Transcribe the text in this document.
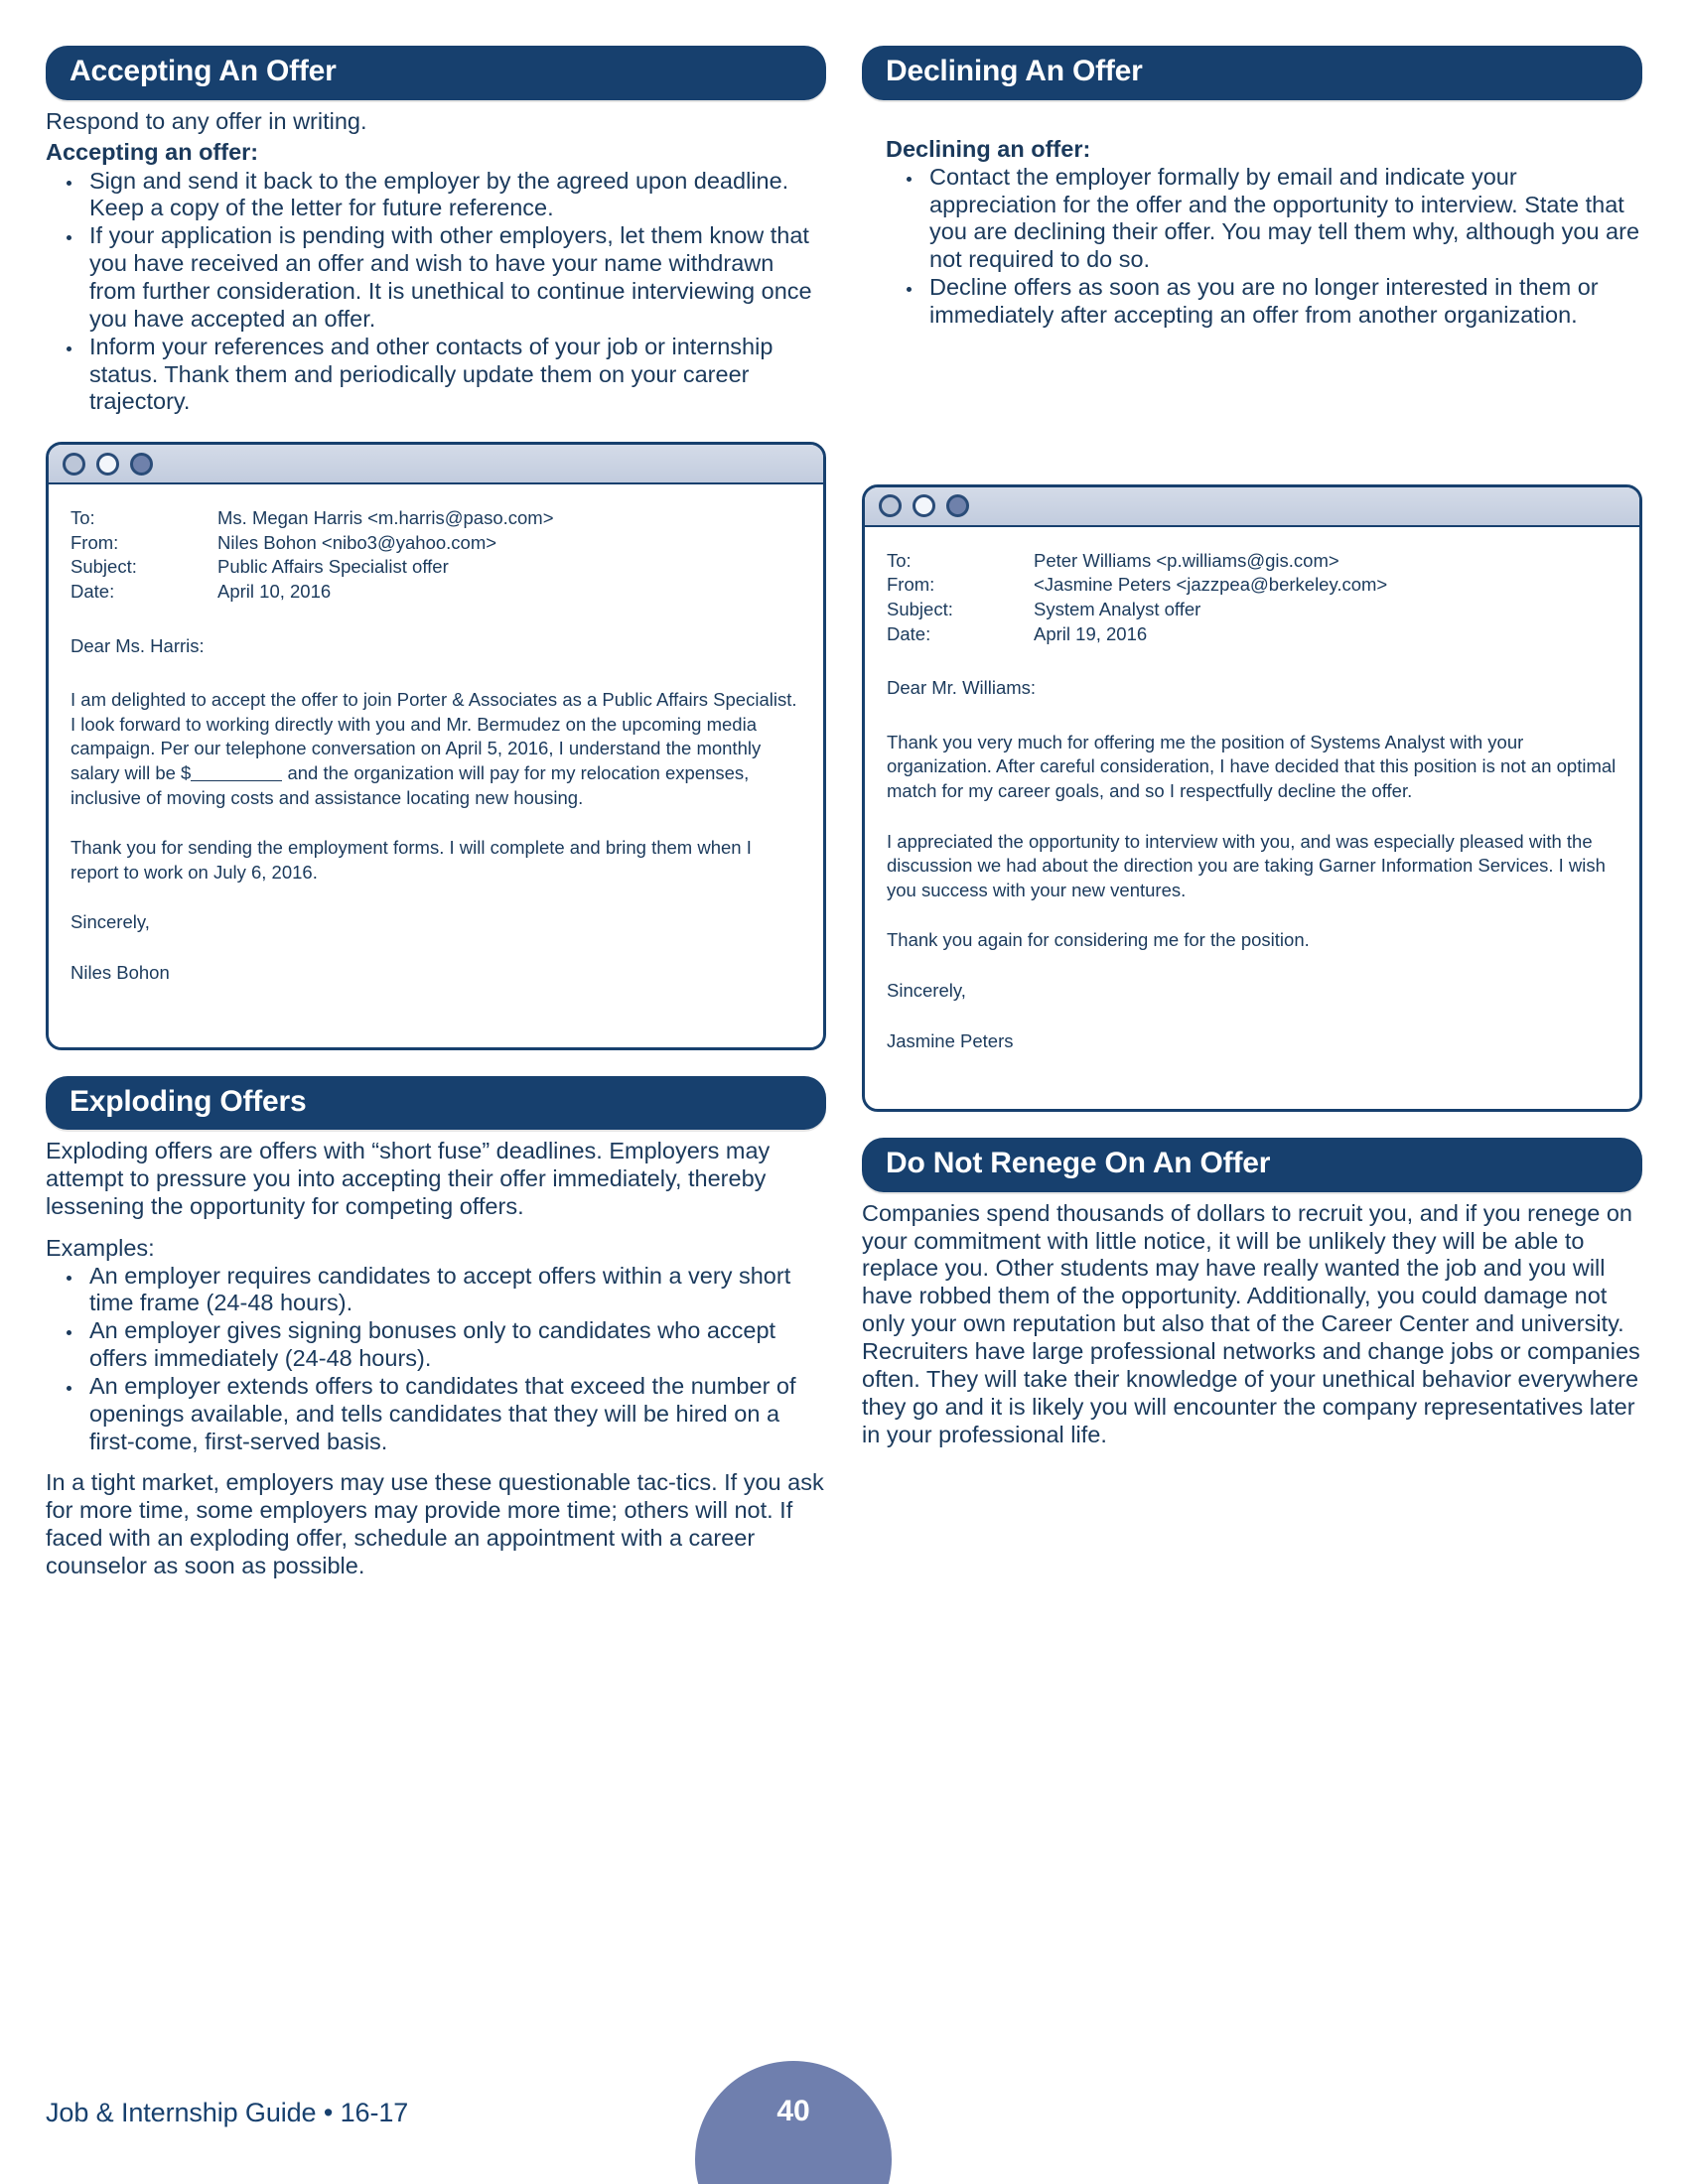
Accepting An Offer

Respond to any offer in writing.

Accepting an offer:

• Sign and send it back to the employer by the agreed upon deadline. Keep a copy of the letter for future reference.
• If your application is pending with other employers, let them know that you have received an offer and wish to have your name withdrawn from further consideration. It is unethical to continue interviewing once you have accepted an offer.
• Inform your references and other contacts of your job or internship status. Thank them and periodically update them on your career trajectory.
To:	Ms. Megan Harris <m.harris@paso.com>
From:	Niles Bohon <nibo3@yahoo.com>
Subject:	Public Affairs Specialist offer
Date:	April 10, 2016

Dear Ms. Harris:

I am delighted to accept the offer to join Porter & Associates as a Public Affairs Specialist. I look forward to working directly with you and Mr. Bermudez on the upcoming media campaign. Per our telephone conversation on April 5, 2016, I understand the monthly salary will be $	and the organization will pay for my relocation expenses, inclusive of moving costs and assistance locating new housing.

Thank you for sending the employment forms. I will complete and bring them when I report to work on July 6, 2016.

Sincerely,

Niles Bohon

Exploding Offers

Exploding offers are offers with “short fuse” deadlines. Employers may attempt to pressure you into accepting their offer immediately, thereby lessening the opportunity for competing offers.

Examples:

• An employer requires candidates to accept offers within a very short time frame (24-48 hours).
• An employer gives signing bonuses only to candidates who accept offers immediately (24-48 hours).
• An employer extends offers to candidates that exceed the number of openings available, and tells candidates that they will be hired on a first-come, first-served basis.

In a tight market, employers may use these questionable tac-tics. If you ask for more time, some employers may provide more time; others will not. If faced with an exploding offer, schedule an appointment with a career counselor as soon as possible.

Declining An Offer

Declining an offer:

• Contact the employer formally by email and indicate your appreciation for the offer and the opportunity to interview. State that you are declining their offer. You may tell them why, although you are not required to do so.
• Decline offers as soon as you are no longer interested in them or immediately after accepting an offer from another organization.
To:	Peter Williams <p.williams@gis.com>
From:	<Jasmine Peters <jazzpea@berkeley.com>
Subject:	System Analyst offer
Date:	April 19, 2016

Dear Mr. Williams:

Thank you very much for offering me the position of Systems Analyst with your organization. After careful consideration, I have decided that this position is not an optimal match for my career goals, and so I respectfully decline the offer.

I appreciated the opportunity to interview with you, and was especially pleased with the discussion we had about the direction you are taking Garner Information Services. I wish you success with your new ventures.

Thank you again for considering me for the position.

Sincerely,

Jasmine Peters

Do Not Renege On An Offer

Companies spend thousands of dollars to recruit you, and if you renege on your commitment with little notice, it will be unlikely they will be able to replace you. Other students may have really wanted the job and you will have robbed them of the opportunity. Additionally, you could damage not only your own reputation but also that of the Career Center and university. Recruiters have large professional networks and change jobs or companies often. They will take their knowledge of your unethical behavior everywhere they go and it is likely you will encounter the company representatives later in your professional life.

Job & Internship Guide • 16-17	40
